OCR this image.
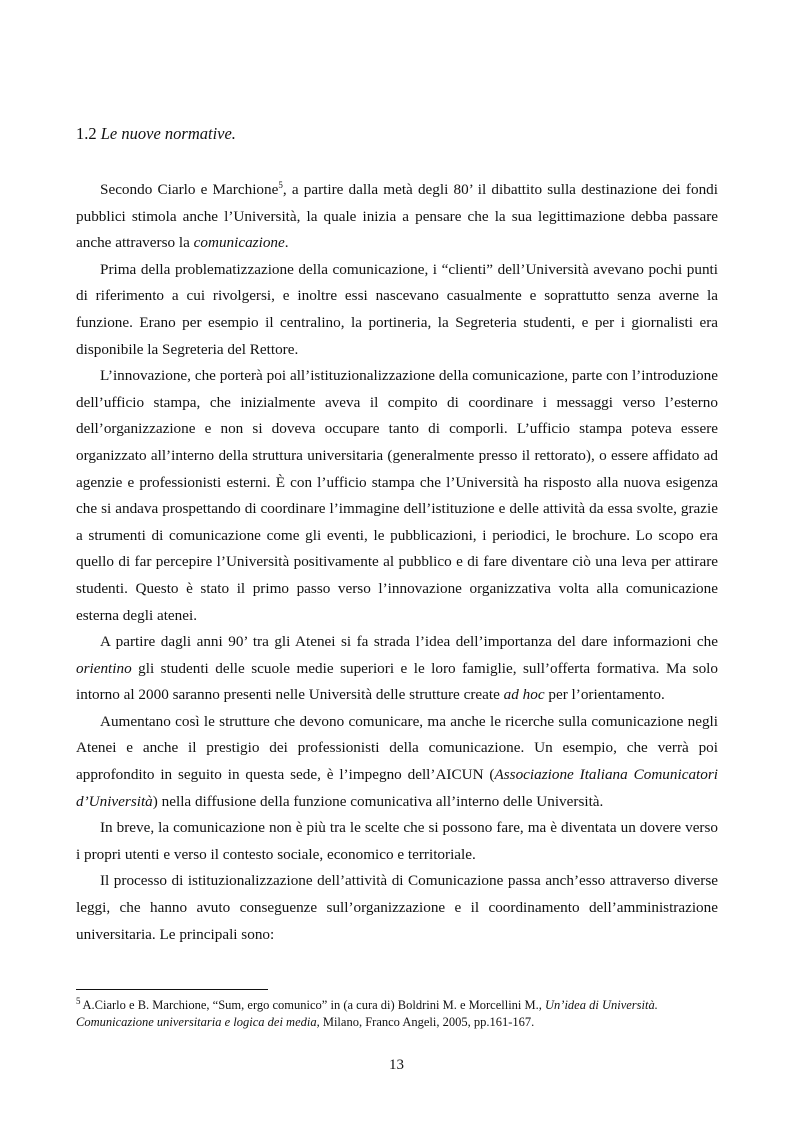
1.2 Le nuove normative.

Secondo Ciarlo e Marchione$^5$, a partire dalla metà degli 80’ il dibattito sulla destinazione dei fondi pubblici stimola anche l’Università, la quale inizia a pensare che la sua legittimazione debba passare anche attraverso la comunicazione.

Prima della problematizzazione della comunicazione, i “clienti” dell’Università avevano pochi punti di riferimento a cui rivolgersi, e inoltre essi nascevano casualmente e soprattutto senza averne la funzione. Erano per esempio il centralino, la portineria, la Segreteria studenti, e per i giornalisti era disponibile la Segreteria del Rettore.

L’innovazione, che porterà poi all’istituzionalizzazione della comunicazione, parte con l’introduzione dell’ufficio stampa, che inizialmente aveva il compito di coordinare i messaggi verso l’esterno dell’organizzazione e non si doveva occupare tanto di comporli. L’ufficio stampa poteva essere organizzato all’interno della struttura universitaria (generalmente presso il rettorato), o essere affidato ad agenzie e professionisti esterni. È con l’ufficio stampa che l’Università ha risposto alla nuova esigenza che si andava prospettando di coordinare l’immagine dell’istituzione e delle attività da essa svolte, grazie a strumenti di comunicazione come gli eventi, le pubblicazioni, i periodici, le brochure. Lo scopo era quello di far percepire l’Università positivamente al pubblico e di fare diventare ciò una leva per attirare studenti. Questo è stato il primo passo verso l’innovazione organizzativa volta alla comunicazione esterna degli atenei.

A partire dagli anni 90’ tra gli Atenei si fa strada l’idea dell’importanza del dare informazioni che orientino gli studenti delle scuole medie superiori e le loro famiglie, sull’offerta formativa. Ma solo intorno al 2000 saranno presenti nelle Università delle strutture create ad hoc per l’orientamento.

Aumentano così le strutture che devono comunicare, ma anche le ricerche sulla comunicazione negli Atenei e anche il prestigio dei professionisti della comunicazione. Un esempio, che verrà poi approfondito in seguito in questa sede, è l’impegno dell’AICUN (Associazione Italiana Comunicatori d’Università) nella diffusione della funzione comunicativa all’interno delle Università.

In breve, la comunicazione non è più tra le scelte che si possono fare, ma è diventata un dovere verso i propri utenti e verso il contesto sociale, economico e territoriale.

Il processo di istituzionalizzazione dell’attività di Comunicazione passa anch’esso attraverso diverse leggi, che hanno avuto conseguenze sull’organizzazione e il coordinamento dell’amministrazione universitaria. Le principali sono:

$^5$ A.Ciarlo e B. Marchione, “Sum, ergo comunico” in (a cura di) Boldrini M. e Morcellini M., Un’idea di Università. Comunicazione universitaria e logica dei media, Milano, Franco Angeli, 2005, pp.161-167.
13
